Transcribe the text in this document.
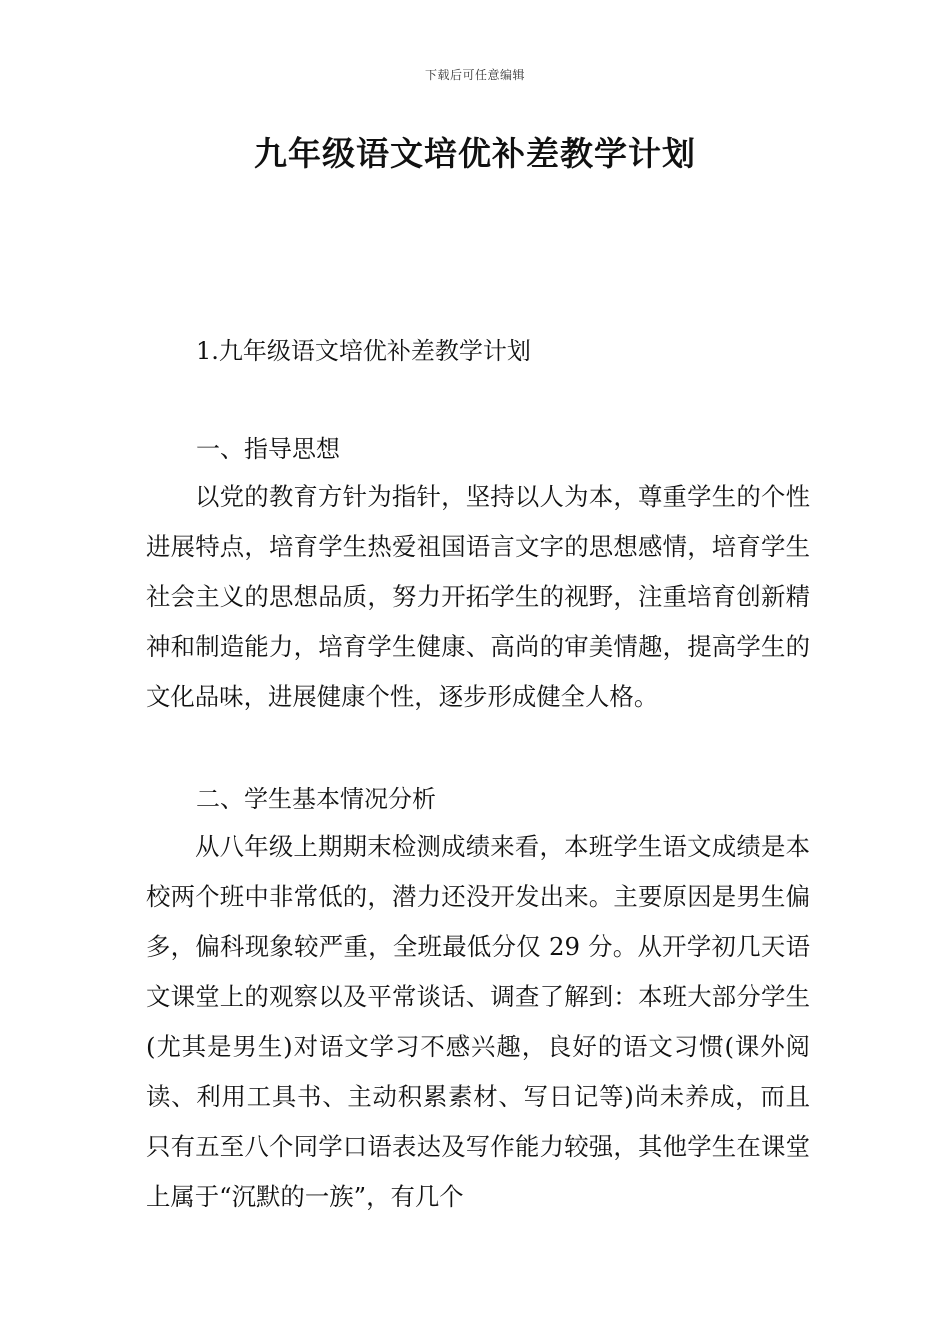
下载后可任意编辑
九年级语文培优补差教学计划
1.九年级语文培优补差教学计划
一、指导思想

以党的教育方针为指针，坚持以人为本，尊重学生的个性进展特点，培育学生热爱祖国语言文字的思想感情，培育学生社会主义的思想品质，努力开拓学生的视野，注重培育创新精神和制造能力，培育学生健康、高尚的审美情趣，提高学生的文化品味，进展健康个性，逐步形成健全人格。

二、学生基本情况分析

从八年级上期期末检测成绩来看，本班学生语文成绩是本校两个班中非常低的，潜力还没开发出来。主要原因是男生偏多，偏科现象较严重，全班最低分仅 29 分。从开学初几天语文课堂上的观察以及平常谈话、调查了解到：本班大部分学生(尤其是男生)对语文学习不感兴趣，良好的语文习惯(课外阅读、利用工具书、主动积累素材、写日记等)尚未养成，而且只有五至八个同学口语表达及写作能力较强，其他学生在课堂上属于“沉默的一族”，有几个
